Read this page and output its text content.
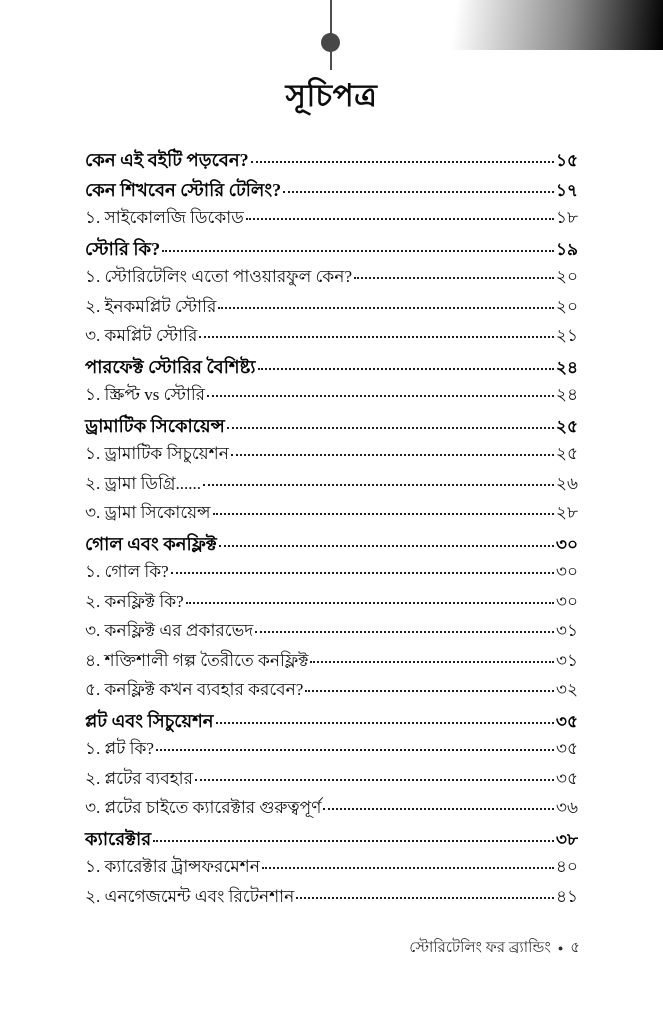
সূচিপত্র
কেন এই বইটি পড়বেন?	১৫
কেন শিখবেন স্টোরি টেলিং?	১৭
১. সাইকোলজি ডিকোড	১৮
স্টোরি কি?	১৯
১. স্টোরিটেলিং এতো পাওয়ারফুল কেন?	২০
২. ইনকমপ্লিট স্টোরি	২০
৩. কমপ্লিট স্টোরি	২১
পারফেক্ট স্টোরির বৈশিষ্ট্য	২৪
১. স্ক্রিপ্ট vs স্টোরি	২৪
ড্রামাটিক সিকোয়েন্স	২৫
১. ড্রামাটিক সিচুয়েশন	২৫
২. ড্রামা ডিগ্রি......	২৬
৩. ড্রামা সিকোয়েন্স	২৮
গোল এবং কনফ্লিক্ট	৩০
১. গোল কি?	৩০
২. কনফ্লিক্ট কি?	৩০
৩. কনফ্লিক্ট এর প্রকারভেদ	৩১
৪. শক্তিশালী গল্প তৈরীতে কনফ্লিক্ট	৩১
৫. কনফ্লিক্ট কখন ব্যবহার করবেন?	৩২
প্লট এবং সিচুয়েশন	৩৫
১. প্লট কি?	৩৫
২. প্লটের ব্যবহার	৩৫
৩. প্লটের চাইতে ক্যারেক্টার গুরুত্বপূর্ণ	৩৬
ক্যারেক্টার	৩৮
১. ক্যারেক্টার ট্রান্সফরমেশন	৪০
২. এনগেজমেন্ট এবং রিটেনশান	৪১
স্টোরিটেলিং ফর ব্র্যান্ডিং ● ৫
